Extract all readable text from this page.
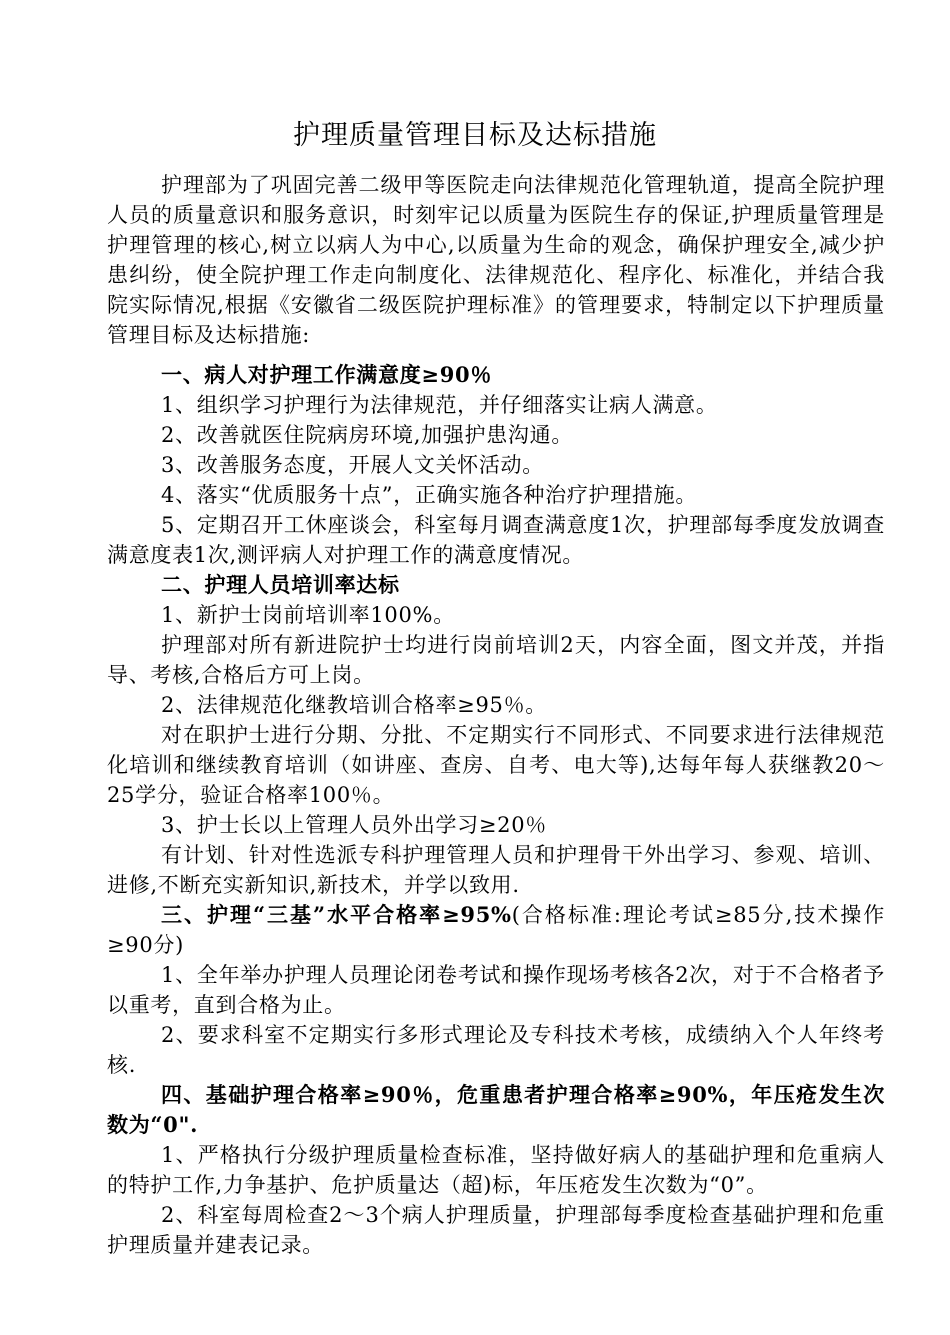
护理质量管理目标及达标措施

护理部为了巩固完善二级甲等医院走向法律规范化管理轨道，提高全院护理人员的质量意识和服务意识，时刻牢记以质量为医院生存的保证,护理质量管理是护理管理的核心,树立以病人为中心,以质量为生命的观念，确保护理安全,减少护患纠纷，使全院护理工作走向制度化、法律规范化、程序化、标准化，并结合我院实际情况,根据《安徽省二级医院护理标准》的管理要求，特制定以下护理质量管理目标及达标措施:

一、病人对护理工作满意度≥90％

1、组织学习护理行为法律规范，并仔细落实让病人满意。

2、改善就医住院病房环境,加强护患沟通。

3、改善服务态度，开展人文关怀活动。

4、落实“优质服务十点”，正确实施各种治疗护理措施。

5、定期召开工休座谈会，科室每月调查满意度1次，护理部每季度发放调查满意度表1次,测评病人对护理工作的满意度情况。

二、护理人员培训率达标

1、新护士岗前培训率100%。

护理部对所有新进院护士均进行岗前培训2天，内容全面，图文并茂，并指导、考核,合格后方可上岗。

2、法律规范化继教培训合格率≥95％。

对在职护士进行分期、分批、不定期实行不同形式、不同要求进行法律规范化培训和继续教育培训（如讲座、查房、自考、电大等),达每年每人获继教20～25学分，验证合格率100％。

3、护士长以上管理人员外出学习≥20％

有计划、针对性选派专科护理管理人员和护理骨干外出学习、参观、培训、进修,不断充实新知识,新技术，并学以致用.

三、护理“三基”水平合格率≥95%(合格标准:理论考试≥85分,技术操作≥90分)

1、全年举办护理人员理论闭卷考试和操作现场考核各2次，对于不合格者予以重考，直到合格为止。

2、要求科室不定期实行多形式理论及专科技术考核，成绩纳入个人年终考核.

四、基础护理合格率≥90％，危重患者护理合格率≥90%，年压疮发生次数为“0".

1、严格执行分级护理质量检查标准，坚持做好病人的基础护理和危重病人的特护工作,力争基护、危护质量达（超)标，年压疮发生次数为“0”。

2、科室每周检查2～3个病人护理质量，护理部每季度检查基础护理和危重护理质量并建表记录。
